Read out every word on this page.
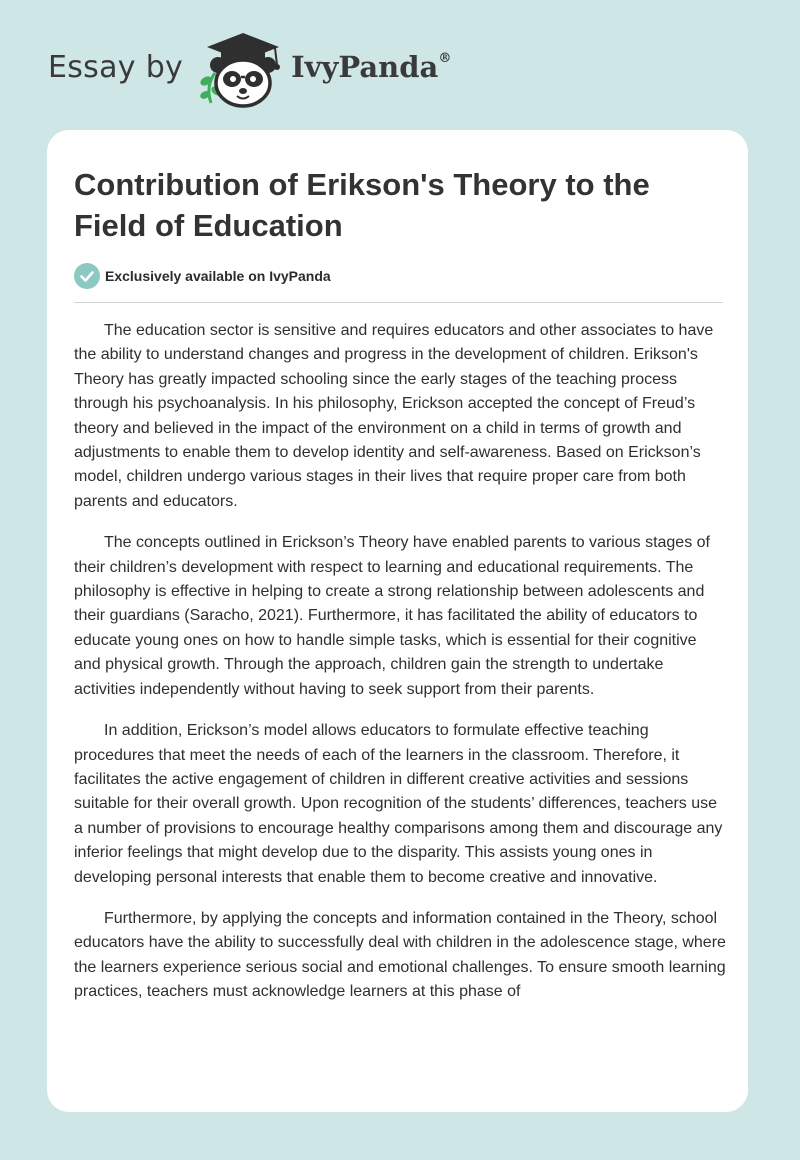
Essay by	IvyPanda®
Contribution of Erikson's Theory to the Field of Education
Exclusively available on IvyPanda

The education sector is sensitive and requires educators and other associates to have the ability to understand changes and progress in the development of children. Erikson's Theory has greatly impacted schooling since the early stages of the teaching process through his psychoanalysis. In his philosophy, Erickson accepted the concept of Freud’s theory and believed in the impact of the environment on a child in terms of growth and adjustments to enable them to develop identity and self-awareness. Based on Erickson’s model, children undergo various stages in their lives that require proper care from both parents and educators.

The concepts outlined in Erickson’s Theory have enabled parents to various stages of their children’s development with respect to learning and educational requirements. The philosophy is effective in helping to create a strong relationship between adolescents and their guardians (Saracho, 2021). Furthermore, it has facilitated the ability of educators to educate young ones on how to handle simple tasks, which is essential for their cognitive and physical growth. Through the approach, children gain the strength to undertake activities independently without having to seek support from their parents.

In addition, Erickson’s model allows educators to formulate effective teaching procedures that meet the needs of each of the learners in the classroom. Therefore, it facilitates the active engagement of children in different creative activities and sessions suitable for their overall growth. Upon recognition of the students’ differences, teachers use a number of provisions to encourage healthy comparisons among them and discourage any inferior feelings that might develop due to the disparity. This assists young ones in developing personal interests that enable them to become creative and innovative.

Furthermore, by applying the concepts and information contained in the Theory, school educators have the ability to successfully deal with children in the adolescence stage, where the learners experience serious social and emotional challenges. To ensure smooth learning practices, teachers must acknowledge learners at this phase of
